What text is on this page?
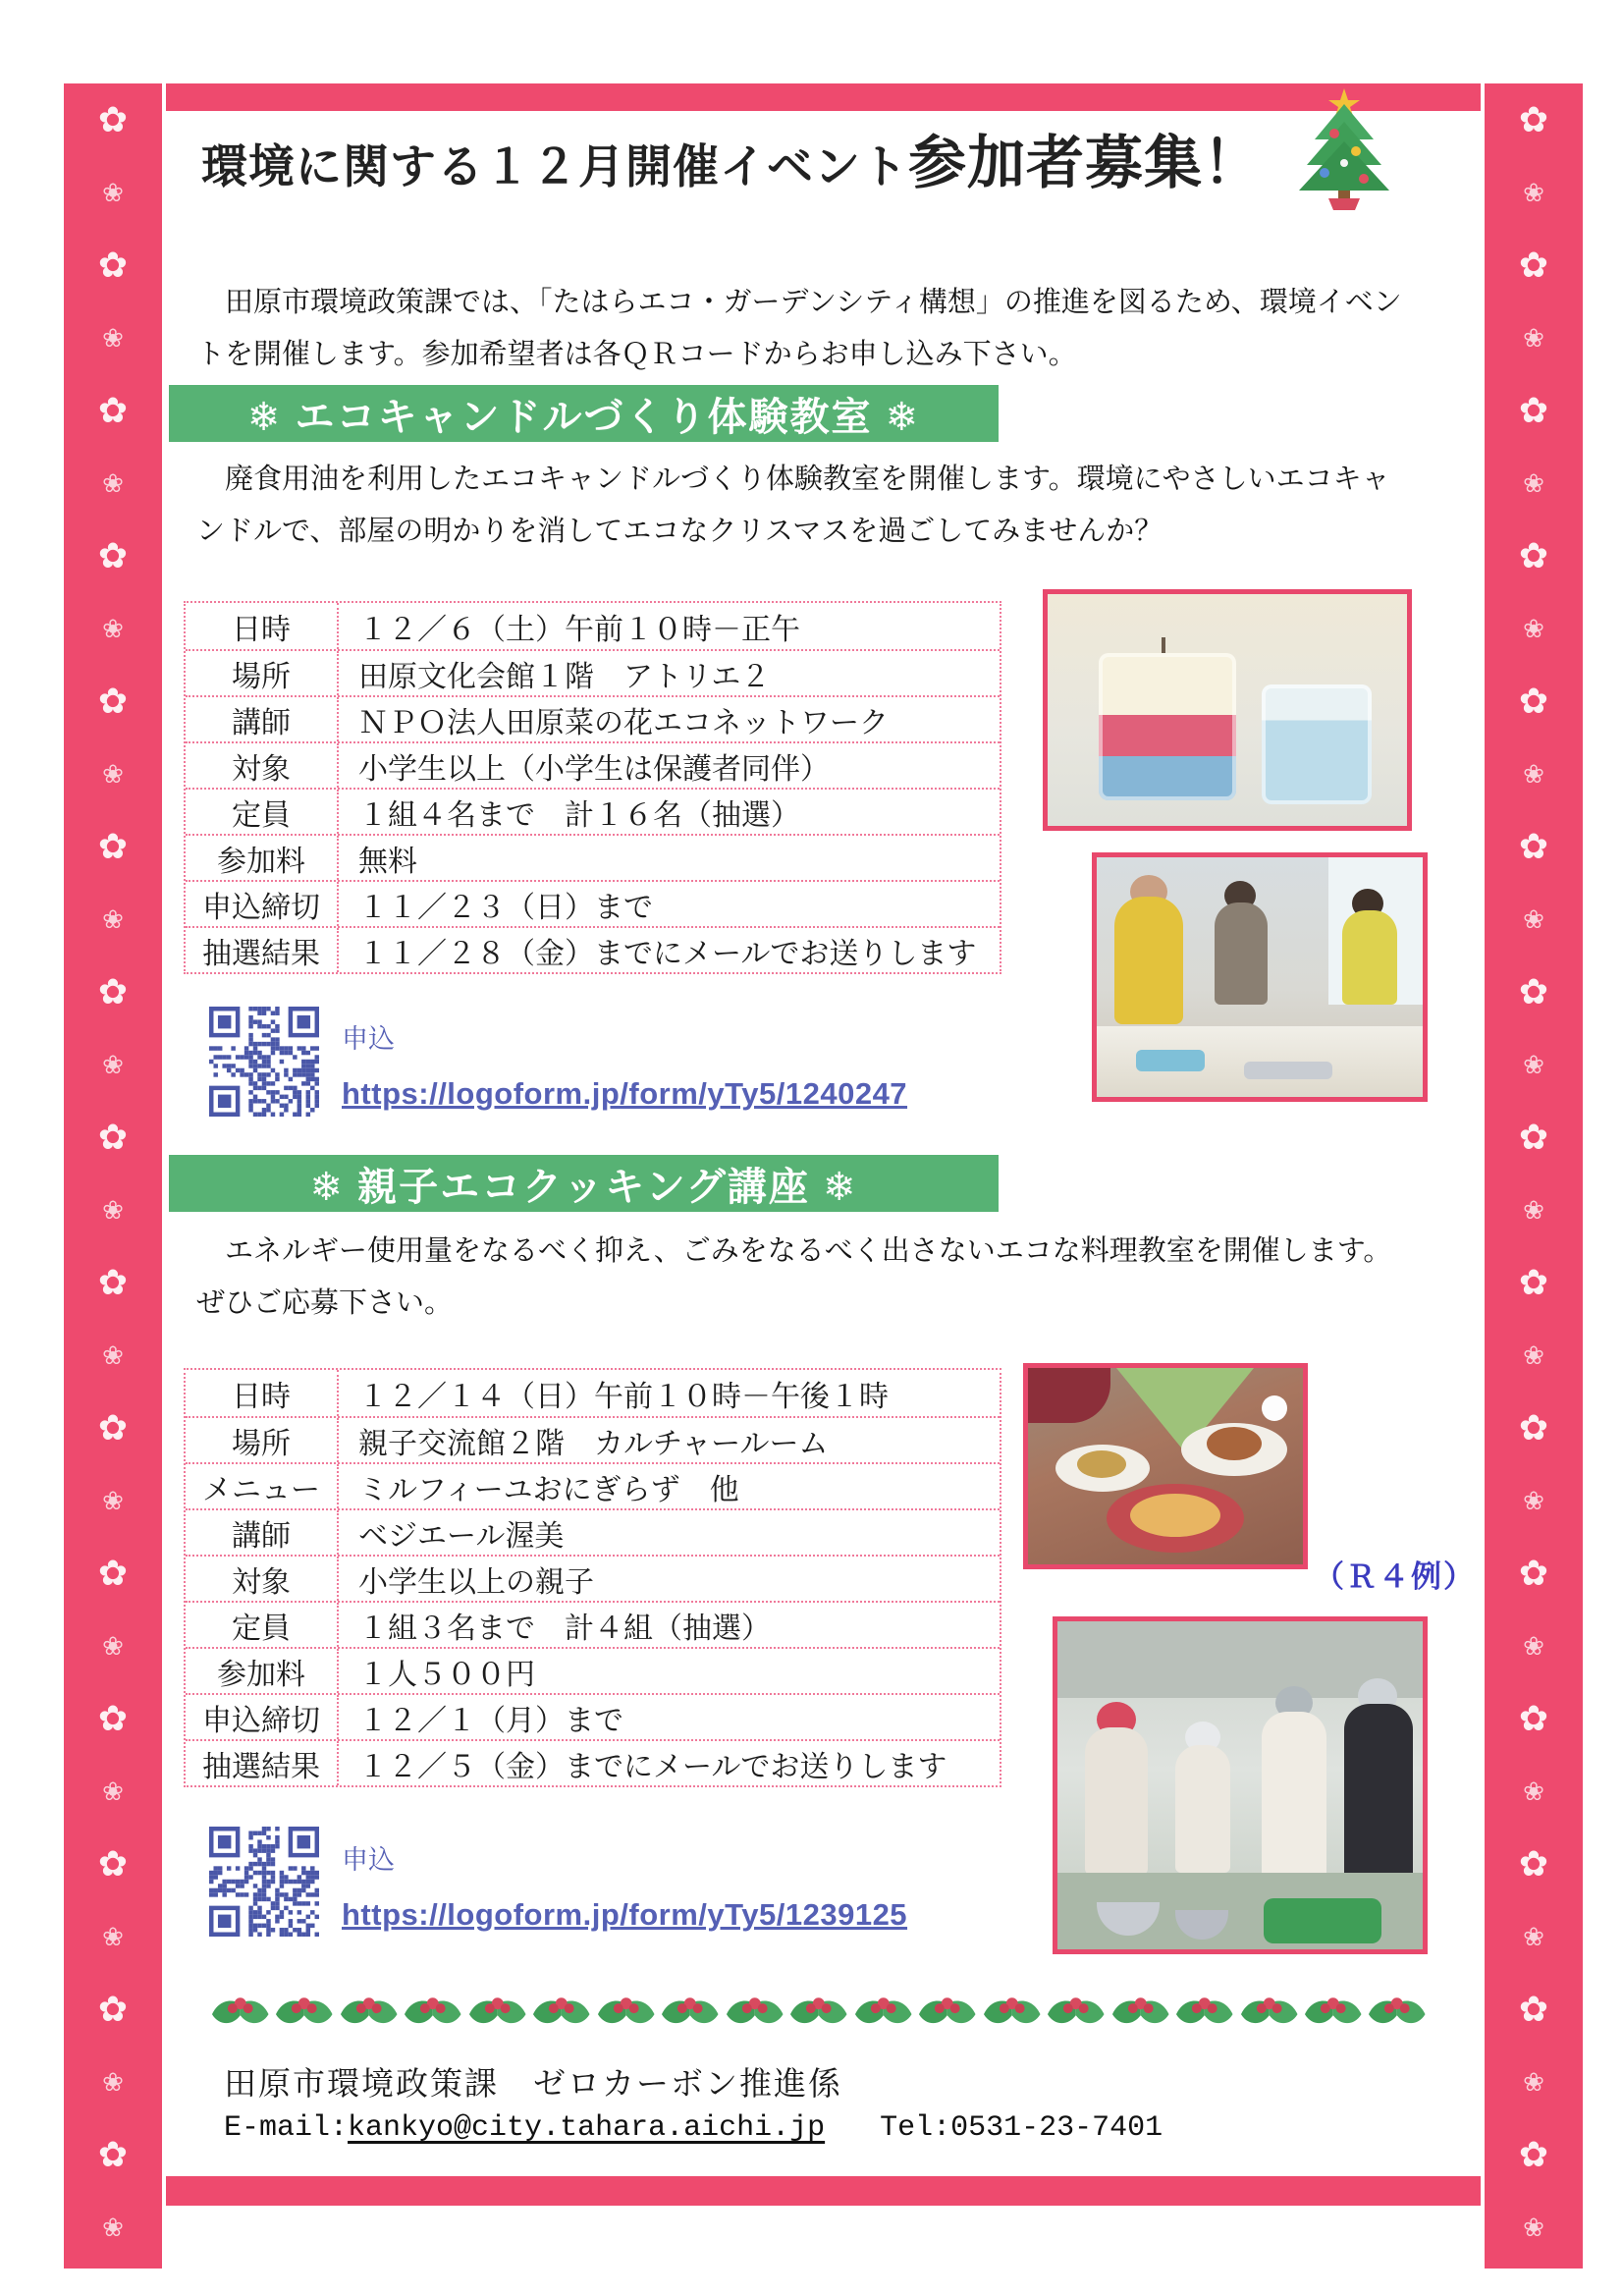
✿
❀
✿
❀
✿
❀
✿
❀
✿
❀
✿
❀
✿
❀
✿
❀
✿
❀
✿
❀
✿
❀
✿
❀
✿
❀
✿
❀
✿
❀
✿
❀
✿
❀
✿
❀
✿
❀
✿
❀
✿
❀
✿
❀
✿
❀
✿
❀
✿
❀
✿
❀
✿
❀
✿
❀
✿
❀
✿
❀
環境に関する１２月開催イベント参加者募集！
　田原市環境政策課では、「たはらエコ・ガーデンシティ構想」の推進を図るため、環境イベン
トを開催します。参加希望者は各ＱＲコードからお申し込み下さい。
❄ エコキャンドルづくり体験教室 ❄
　廃食用油を利用したエコキャンドルづくり体験教室を開催します。環境にやさしいエコキャ
ンドルで、部屋の明かりを消してエコなクリスマスを過ごしてみませんか？
日時	１２／６（土）午前１０時－正午
場所	田原文化会館１階　アトリエ２
講師	ＮＰＯ法人田原菜の花エコネットワーク
対象	小学生以上（小学生は保護者同伴）
定員	１組４名まで　計１６名（抽選）
参加料	無料
申込締切	１１／２３（日）まで
抽選結果	１１／２８（金）までにメールでお送りします
申込
https://logoform.jp/form/yTy5/1240247
❄ 親子エコクッキング講座 ❄
　エネルギー使用量をなるべく抑え、ごみをなるべく出さないエコな料理教室を開催します。
ぜひご応募下さい。
日時	１２／１４（日）午前１０時－午後１時
場所	親子交流館２階　カルチャールーム
メニュー	ミルフィーユおにぎらず　他
講師	ベジエール渥美
対象	小学生以上の親子
定員	１組３名まで　計４組（抽選）
参加料	１人５００円
申込締切	１２／１（月）まで
抽選結果	１２／５（金）までにメールでお送りします
（Ｒ４例）
申込
https://logoform.jp/form/yTy5/1239125
田原市環境政策課　ゼロカーボン推進係
E-mail:kankyo@city.tahara.aichi.jp Tel:0531-23-7401
